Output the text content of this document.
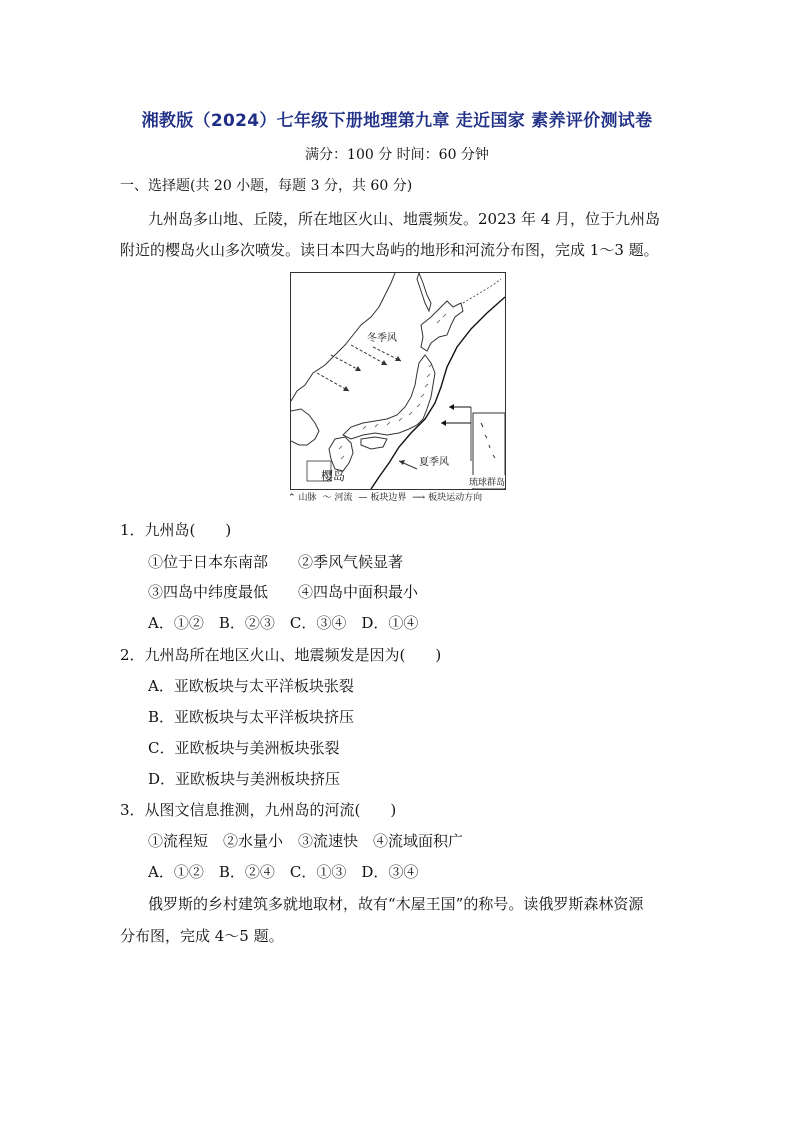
湘教版（2024）七年级下册地理第九章 走近国家 素养评价测试卷
满分：100 分 时间：60 分钟
一、选择题(共 20 小题，每题 3 分，共 60 分)
九州岛多山地、丘陵，所在地区火山、地震频发。2023 年 4 月，位于九州岛
附近的樱岛火山多次喷发。读日本四大岛屿的地形和河流分布图，完成 1～3 题。
冬季风
夏季风
樱岛	琉球群岛
⌃ 山脉 ～ 河流 — 板块边界 ⟶ 板块运动方向
1．九州岛(　　)
①位于日本东南部　　②季风气候显著
③四岛中纬度最低　　④四岛中面积最小
A．①②　B．②③　C．③④　D．①④
2．九州岛所在地区火山、地震频发是因为(　　)
A．亚欧板块与太平洋板块张裂
B．亚欧板块与太平洋板块挤压
C．亚欧板块与美洲板块张裂
D．亚欧板块与美洲板块挤压
3．从图文信息推测，九州岛的河流(　　)
①流程短　②水量小　③流速快　④流域面积广
A．①②　B．②④　C．①③　D．③④
俄罗斯的乡村建筑多就地取材，故有“木屋王国”的称号。读俄罗斯森林资源
分布图，完成 4～5 题。
